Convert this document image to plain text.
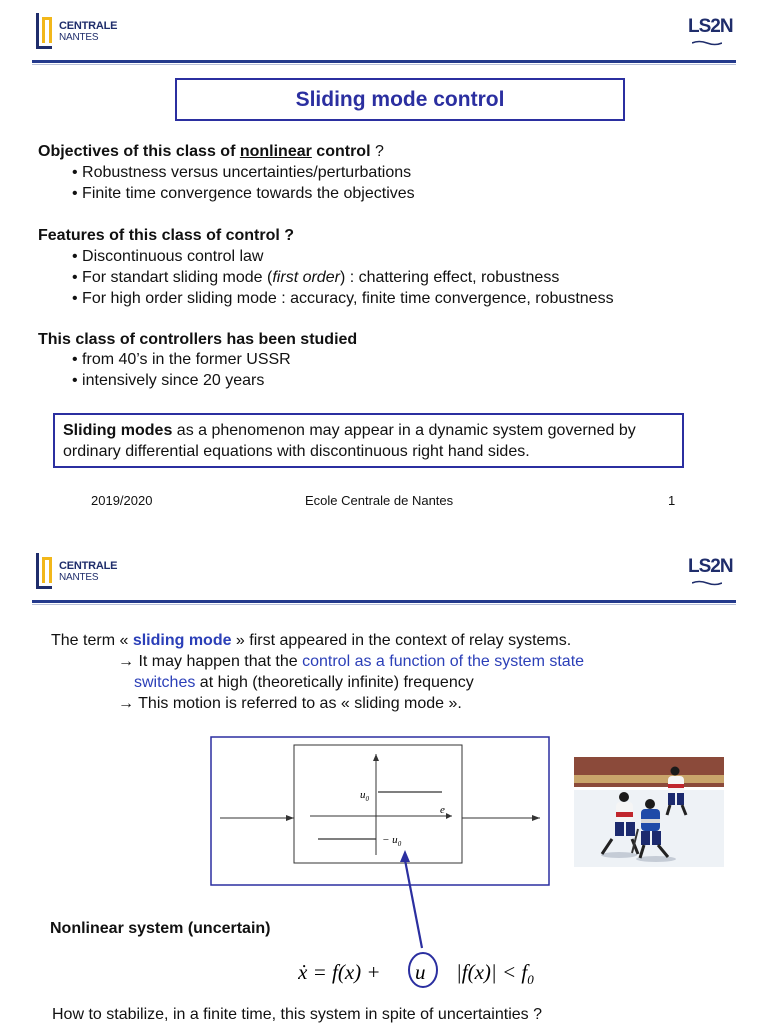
CENTRALE
NANTES
LS2N
Sliding mode control
Objectives of this class of nonlinear control ?
• Robustness versus uncertainties/perturbations
• Finite time convergence towards the objectives
Features of this class of control ?
• Discontinuous control law
• For standart sliding mode (first order) : chattering effect, robustness
• For high order sliding mode : accuracy, finite time convergence, robustness
This class of controllers has been studied
• from 40’s in the former USSR
• intensively since 20 years
Sliding modes as a phenomenon may appear in a dynamic system governed by ordinary differential equations with discontinuous right hand sides.
2019/2020	Ecole Centrale de Nantes	1
CENTRALE
NANTES
LS2N
The term « sliding mode » first appeared in the context of relay systems.
→ It may happen that the control as a function of the system state
switches at high (theoretically infinite) frequency
→ This motion is referred to as « sliding mode ».
$u_0$
e
− $u_0$
Nonlinear system (uncertain)
ẋ = f(x) + u $|f(x)| < f_0$
How to stabilize, in a finite time, this system in spite of uncertainties ?
